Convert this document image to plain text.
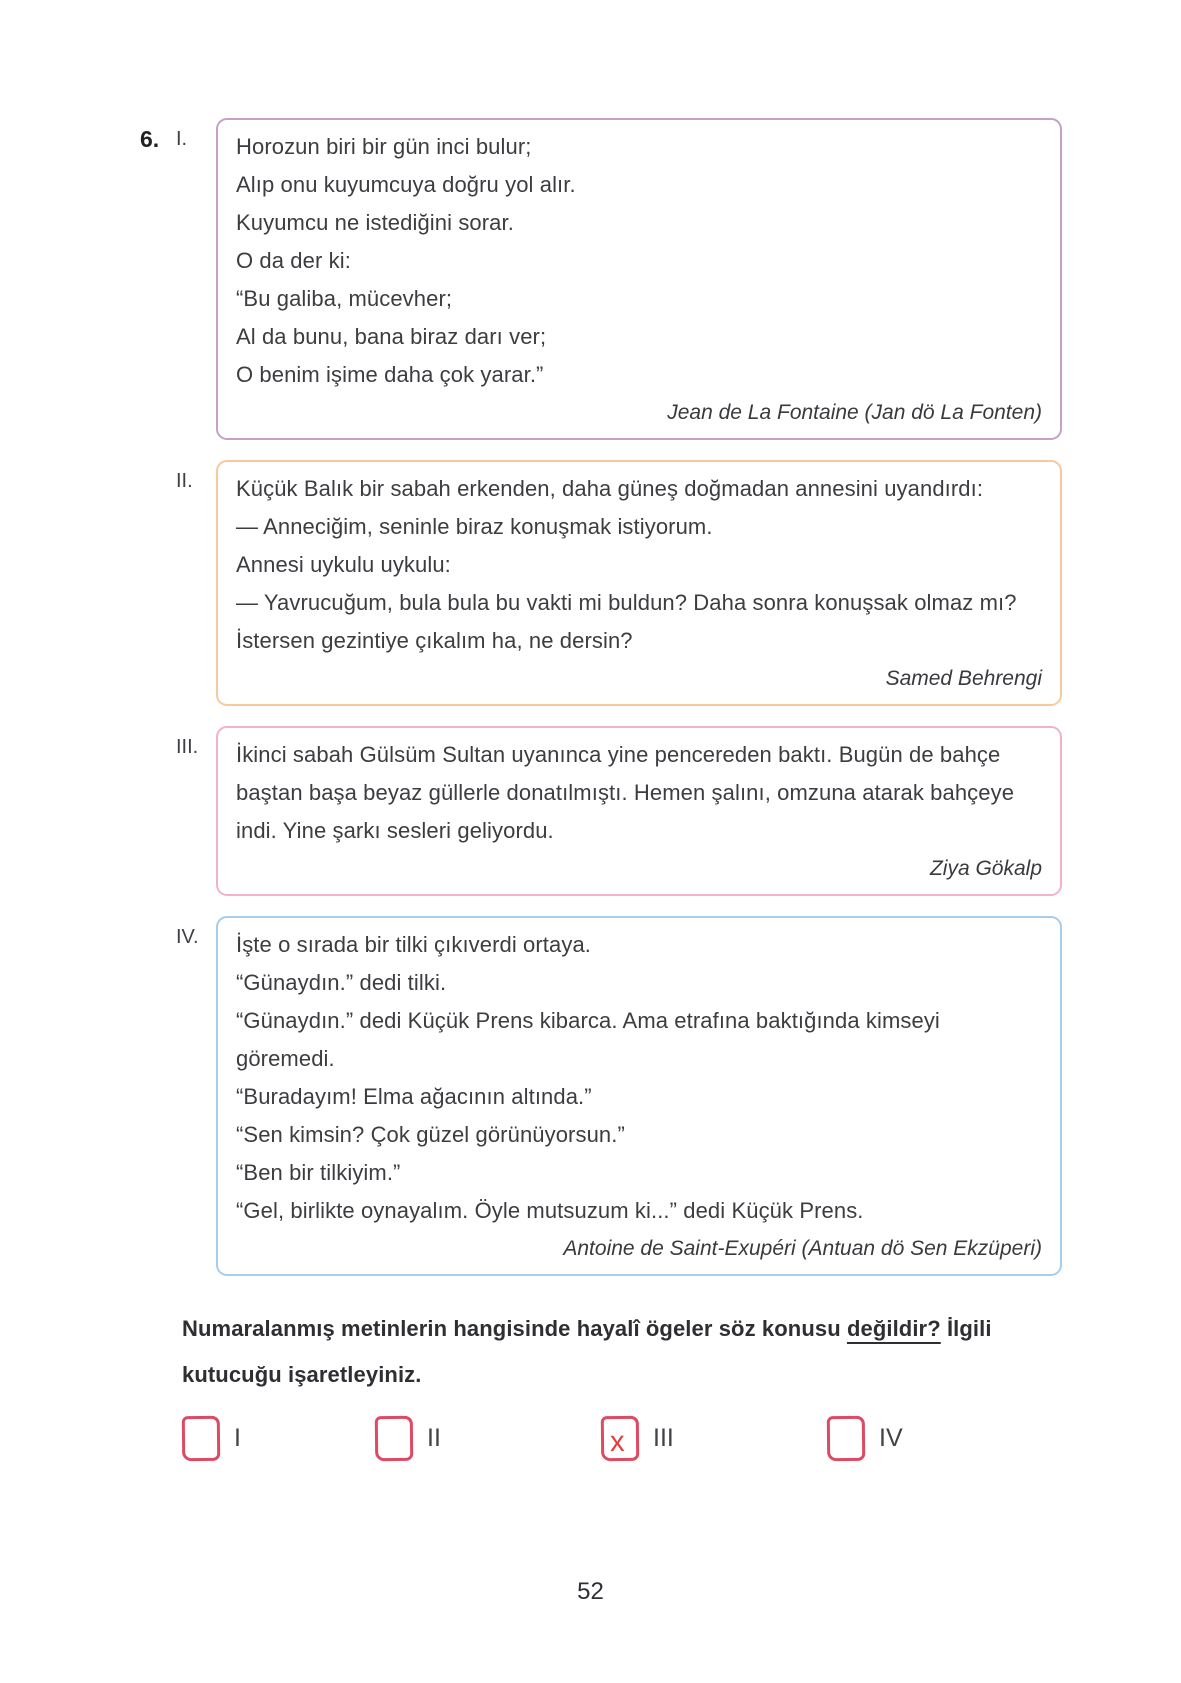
6. I.	Horozun biri bir gün inci bulur;
Alıp onu kuyumcuya doğru yol alır.
Kuyumcu ne istediğini sorar.
O da der ki:
“Bu galiba, mücevher;
Al da bunu, bana biraz darı ver;
O benim işime daha çok yarar.”
Jean de La Fontaine (Jan dö La Fonten)
II.	Küçük Balık bir sabah erkenden, daha güneş doğmadan annesini uyandırdı:
— Anneciğim, seninle biraz konuşmak istiyorum.
Annesi uykulu uykulu:
— Yavrucuğum, bula bula bu vakti mi buldun? Daha sonra konuşsak olmaz mı? İstersen gezintiye çıkalım ha, ne dersin?
Samed Behrengi
III.	İkinci sabah Gülsüm Sultan uyanınca yine pencereden baktı. Bugün de bahçe baştan başa beyaz güllerle donatılmıştı. Hemen şalını, omzuna atarak bahçeye indi. Yine şarkı sesleri geliyordu.
Ziya Gökalp
IV.	İşte o sırada bir tilki çıkıverdi ortaya.
“Günaydın.” dedi tilki.
“Günaydın.” dedi Küçük Prens kibarca. Ama etrafına baktığında kimseyi göremedi.
“Buradayım! Elma ağacının altında.”
“Sen kimsin? Çok güzel görünüyorsun.”
“Ben bir tilkiyim.”
“Gel, birlikte oynayalım. Öyle mutsuzum ki...” dedi Küçük Prens.
Antoine de Saint-Exupéri (Antuan dö Sen Ekzüperi)
Numaralanmış metinlerin hangisinde hayalî ögeler söz konusu değildir? İlgili
kutucuğu işaretleyiniz.
I	II	x III	IV
52
